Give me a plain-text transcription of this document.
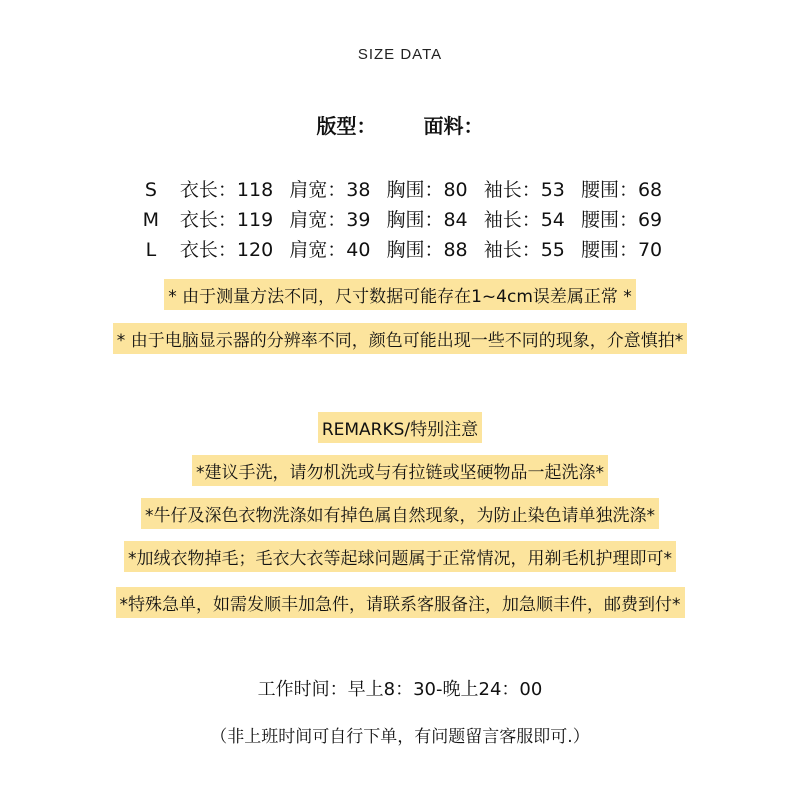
SIZE DATA
版型： 面料：
S 衣长：118 肩宽：38 胸围：80 袖长：53 腰围：68
M 衣长：119 肩宽：39 胸围：84 袖长：54 腰围：69
L 衣长：120 肩宽：40 胸围：88 袖长：55 腰围：70
* 由于测量方法不同，尺寸数据可能存在1~4cm误差属正常 *
* 由于电脑显示器的分辨率不同，颜色可能出现一些不同的现象，介意慎拍*
REMARKS/特别注意
*建议手洗，请勿机洗或与有拉链或坚硬物品一起洗涤*
*牛仔及深色衣物洗涤如有掉色属自然现象，为防止染色请单独洗涤*
*加绒衣物掉毛；毛衣大衣等起球问题属于正常情况，用剃毛机护理即可*
*特殊急单，如需发顺丰加急件，请联系客服备注，加急顺丰件，邮费到付*
工作时间：早上8：30-晚上24：00
（非上班时间可自行下单，有问题留言客服即可.）
